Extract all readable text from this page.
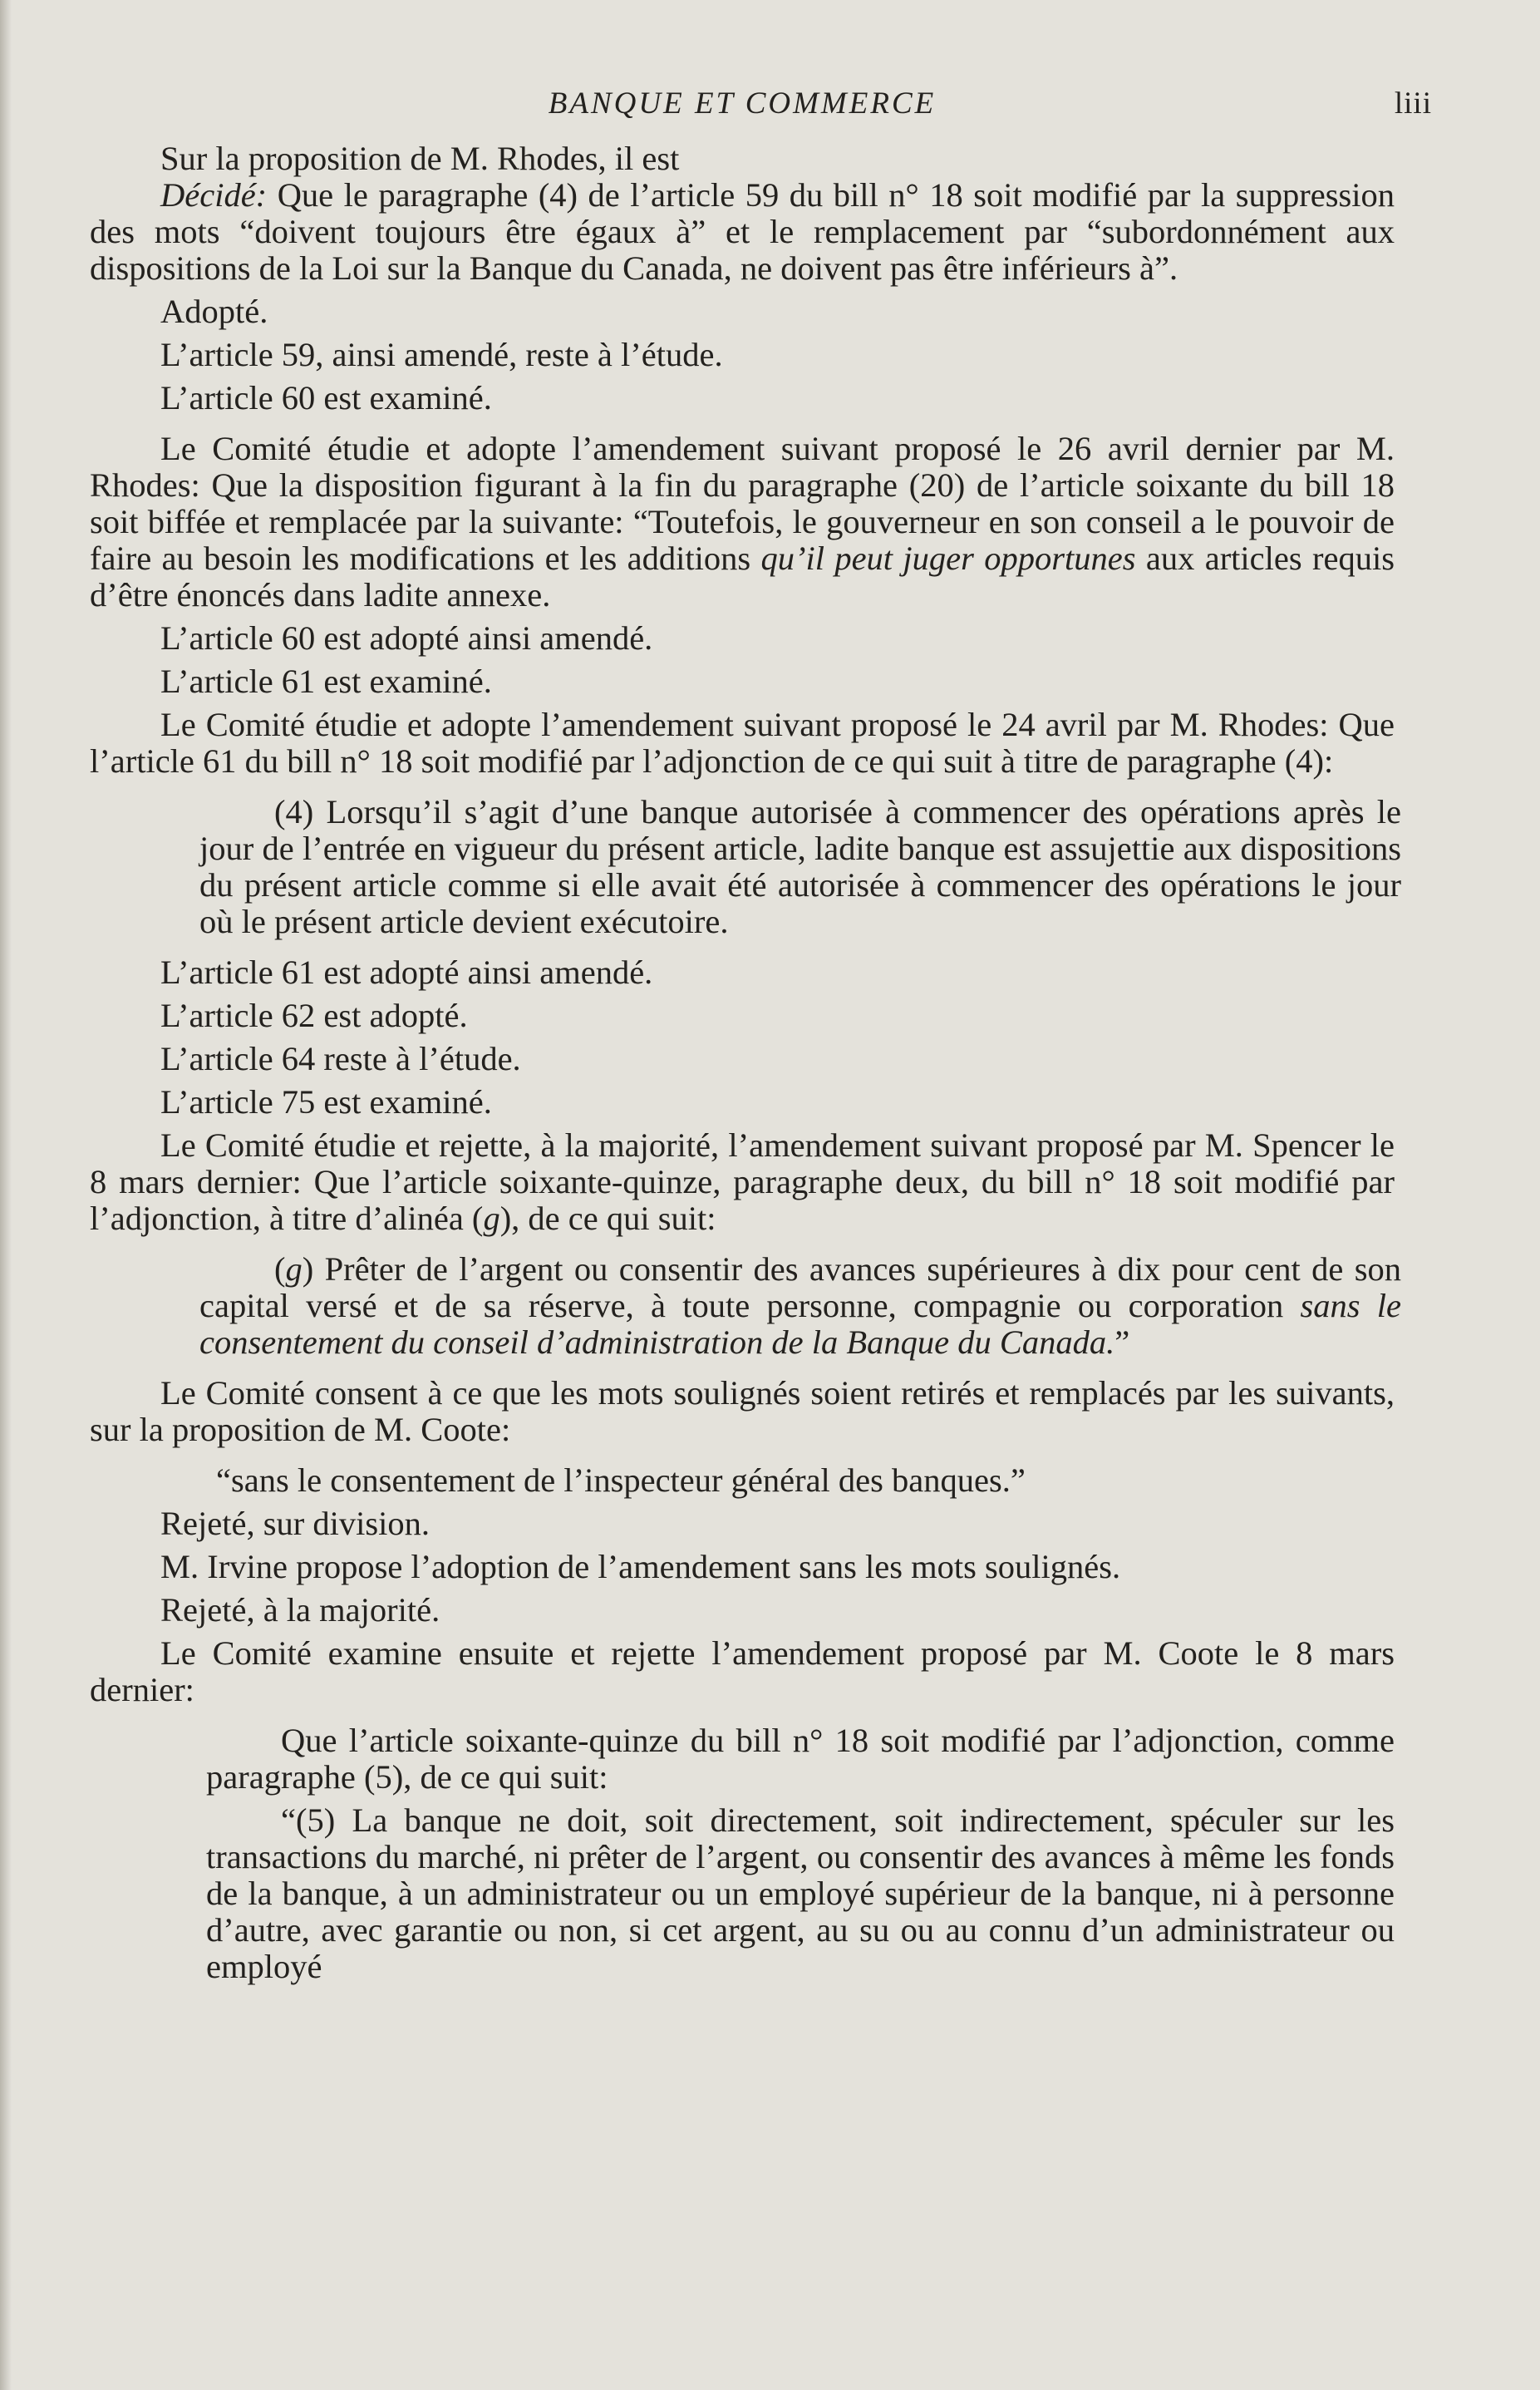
BANQUE ET COMMERCE	liii

Sur la proposition de M. Rhodes, il est

Décidé: Que le paragraphe (4) de l’article 59 du bill n° 18 soit modifié par la suppression des mots “doivent toujours être égaux à” et le remplacement par “subordonnément aux dispositions de la Loi sur la Banque du Canada, ne doivent pas être inférieurs à”.

Adopté.

L’article 59, ainsi amendé, reste à l’étude.

L’article 60 est examiné.

Le Comité étudie et adopte l’amendement suivant proposé le 26 avril dernier par M. Rhodes: Que la disposition figurant à la fin du paragraphe (20) de l’article soixante du bill 18 soit biffée et remplacée par la suivante: “Toutefois, le gouverneur en son conseil a le pouvoir de faire au besoin les modifications et les additions qu’il peut juger opportunes aux articles requis d’être énoncés dans ladite annexe.

L’article 60 est adopté ainsi amendé.

L’article 61 est examiné.

Le Comité étudie et adopte l’amendement suivant proposé le 24 avril par M. Rhodes: Que l’article 61 du bill n° 18 soit modifié par l’adjonction de ce qui suit à titre de paragraphe (4):

(4) Lorsqu’il s’agit d’une banque autorisée à commencer des opérations après le jour de l’entrée en vigueur du présent article, ladite banque est assujettie aux dispositions du présent article comme si elle avait été autorisée à commencer des opérations le jour où le présent article devient exécutoire.

L’article 61 est adopté ainsi amendé.

L’article 62 est adopté.

L’article 64 reste à l’étude.

L’article 75 est examiné.

Le Comité étudie et rejette, à la majorité, l’amendement suivant proposé par M. Spencer le 8 mars dernier: Que l’article soixante-quinze, paragraphe deux, du bill n° 18 soit modifié par l’adjonction, à titre d’alinéa (g), de ce qui suit:

(g) Prêter de l’argent ou consentir des avances supérieures à dix pour cent de son capital versé et de sa réserve, à toute personne, compagnie ou corporation sans le consentement du conseil d’administration de la Banque du Canada.”

Le Comité consent à ce que les mots soulignés soient retirés et remplacés par les suivants, sur la proposition de M. Coote:

“sans le consentement de l’inspecteur général des banques.”

Rejeté, sur division.

M. Irvine propose l’adoption de l’amendement sans les mots soulignés.

Rejeté, à la majorité.

Le Comité examine ensuite et rejette l’amendement proposé par M. Coote le 8 mars dernier:

Que l’article soixante-quinze du bill n° 18 soit modifié par l’adjonction, comme paragraphe (5), de ce qui suit:

“(5) La banque ne doit, soit directement, soit indirectement, spéculer sur les transactions du marché, ni prêter de l’argent, ou consentir des avances à même les fonds de la banque, à un administrateur ou un employé supérieur de la banque, ni à personne d’autre, avec garantie ou non, si cet argent, au su ou au connu d’un administrateur ou employé
